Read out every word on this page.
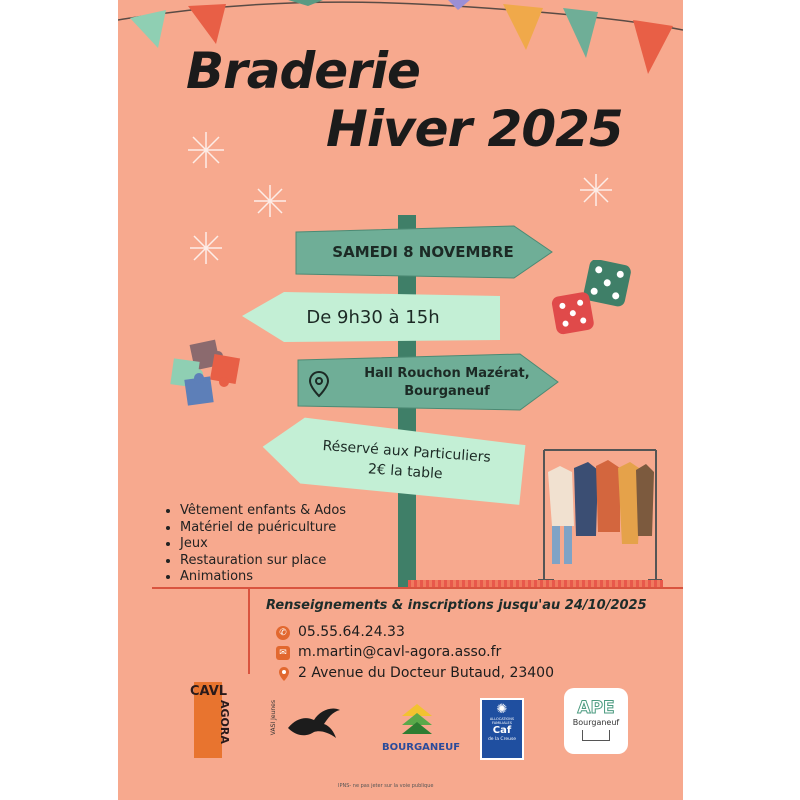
Braderie
Hiver 2025
SAMEDI 8 NOVEMBRE
De 9h30 à 15h
Hall Rouchon Mazérat,
Bourganeuf
Réservé aux Particuliers
2€ la table
• Vêtement enfants & Ados
• Matériel de puériculture
• Jeux
• Restauration sur place
• Animations
Renseignements & inscriptions jusqu'au 24/10/2025
✆ 05.55.64.24.33
✉ m.martin@cavl-agora.asso.fr
2 Avenue du Docteur Butaud, 23400
CAVL
AGORA	VASI Jeunes
BOURGANEUF
✺
ALLOCATIONS FAMILIALES
Caf
de la Creuse
APE
Bourganeuf
IPNS- ne pas jeter sur la voie publique
